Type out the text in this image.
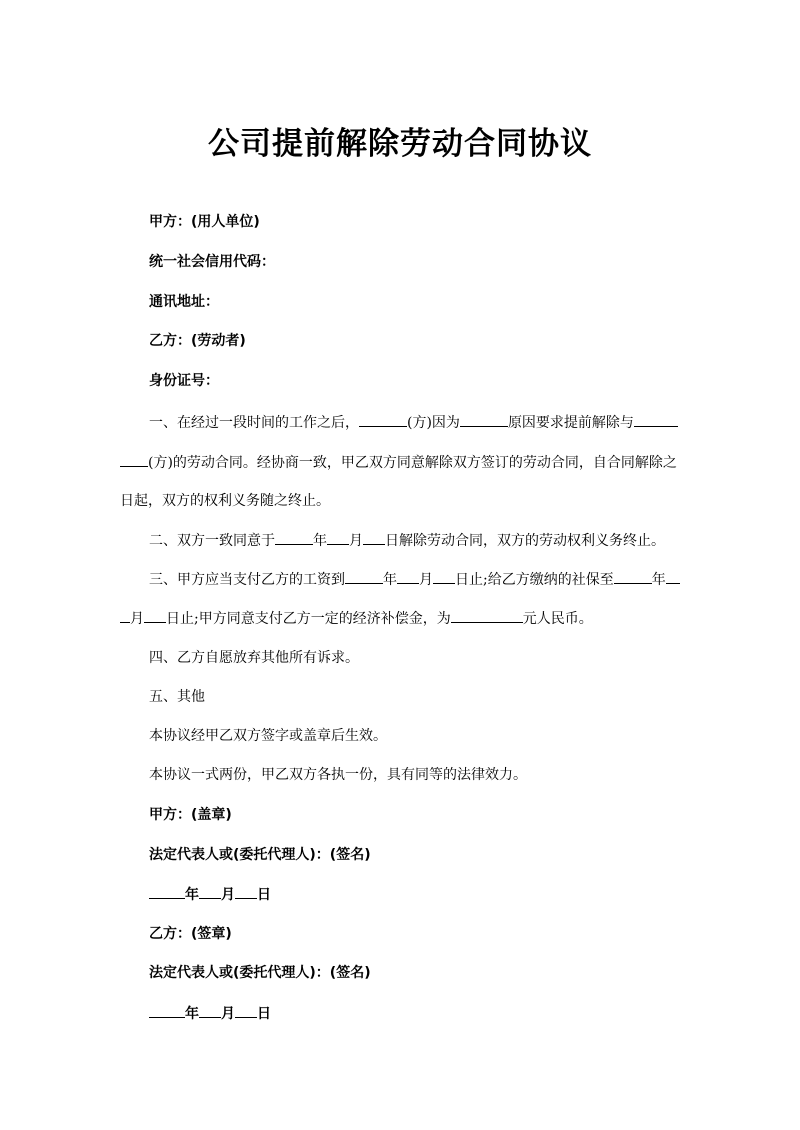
公司提前解除劳动合同协议
甲方：(用人单位)
统一社会信用代码：
通讯地址：
乙方：(劳动者)
身份证号：
一、在经过一段时间的工作之后，	(方)因为	原因要求提前解除与
(方)的劳动合同。经协商一致，甲乙双方同意解除双方签订的劳动合同，自合同解除之
日起，双方的权利义务随之终止。
二、双方一致同意于	年 月 日解除劳动合同，双方的劳动权利义务终止。
三、甲方应当支付乙方的工资到	年 月 日止;给乙方缴纳的社保至	年
月 日止;甲方同意支付乙方一定的经济补偿金，为	元人民币。
四、乙方自愿放弃其他所有诉求。
五、其他
本协议经甲乙双方签字或盖章后生效。
本协议一式两份，甲乙双方各执一份，具有同等的法律效力。
甲方：(盖章)
法定代表人或(委托代理人)：(签名)
年 月 日
乙方：(签章)
法定代表人或(委托代理人)：(签名)
年 月 日
